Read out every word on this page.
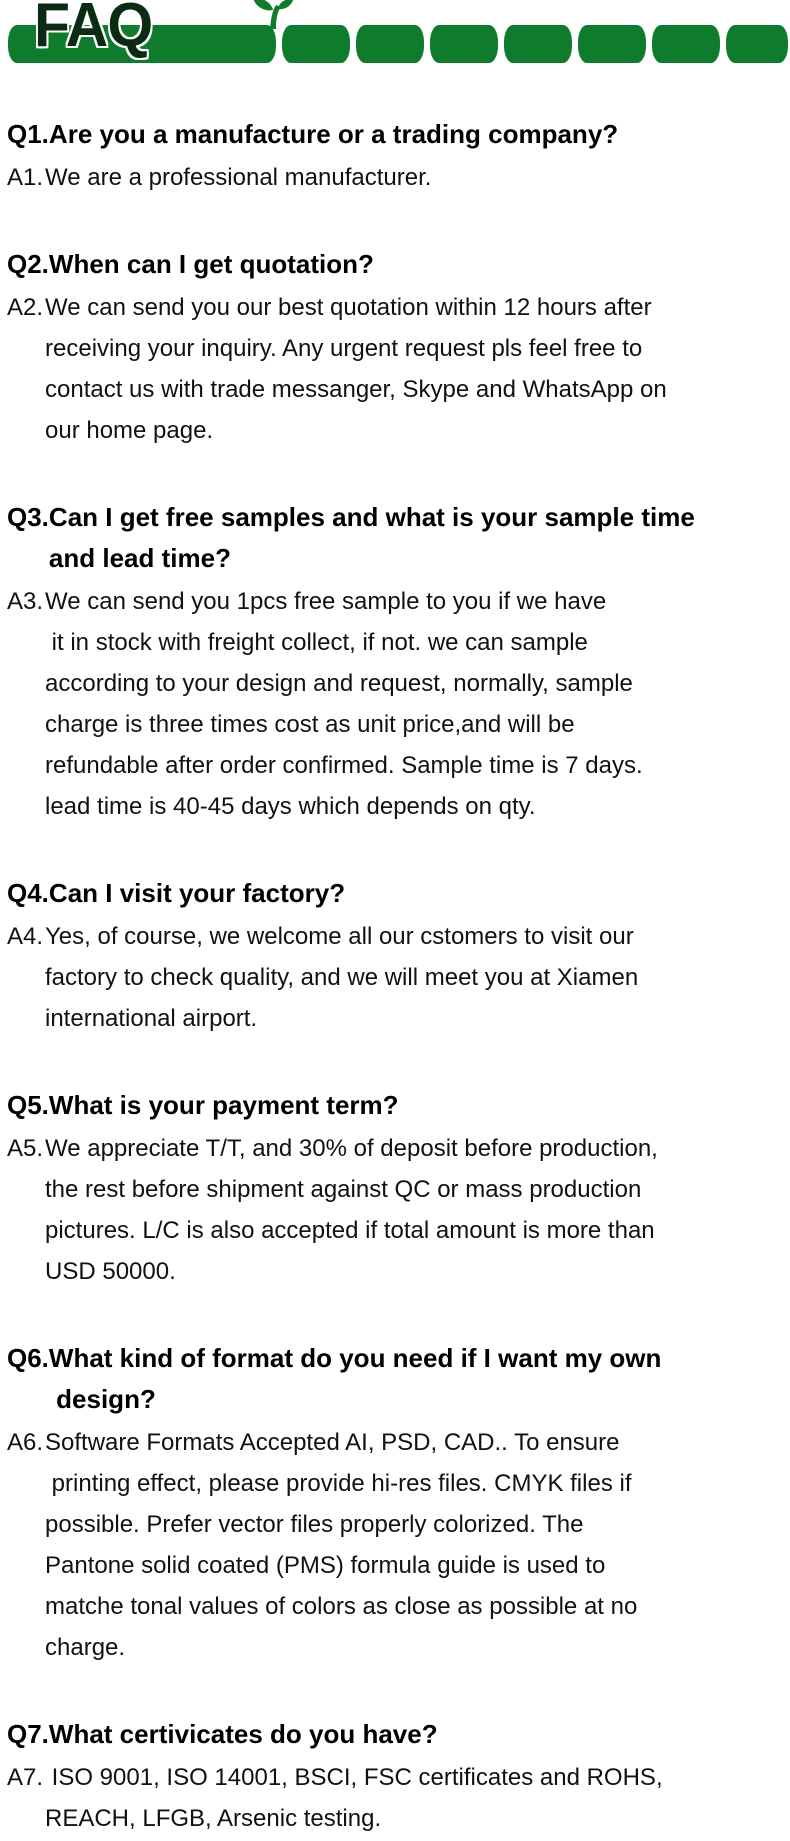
FAQ
Q1. Are you a manufacture or a trading company?
A1. We are a professional manufacturer.
Q2. When can I get quotation?
A2. We can send you our best quotation within 12 hours after
receiving your inquiry. Any urgent request pls feel free to
contact us with trade messanger, Skype and WhatsApp on
our home page.
Q3. Can I get free samples and what is your sample time
and lead time?
A3. We can send you 1pcs free sample to you if we have
it in stock with freight collect, if not. we can sample
according to your design and request, normally, sample
charge is three times cost as unit price,and will be
refundable after order confirmed. Sample time is 7 days.
lead time is 40-45 days which depends on qty.
Q4. Can I visit your factory?
A4. Yes, of course, we welcome all our cstomers to visit our
factory to check quality, and we will meet you at Xiamen
international airport.
Q5. What is your payment term?
A5. We appreciate T/T, and 30% of deposit before production,
the rest before shipment against QC or mass production
pictures. L/C is also accepted if total amount is more than
USD 50000.
Q6. What kind of format do you need if I want my own
design?
A6. Software Formats Accepted AI, PSD, CAD.. To ensure
printing effect, please provide hi-res files. CMYK files if
possible. Prefer vector files properly colorized. The
Pantone solid coated (PMS) formula guide is used to
matche tonal values of colors as close as possible at no
charge.
Q7. What certivicates do you have?
A7. ISO 9001, ISO 14001, BSCI, FSC certificates and ROHS,
REACH, LFGB, Arsenic testing.
